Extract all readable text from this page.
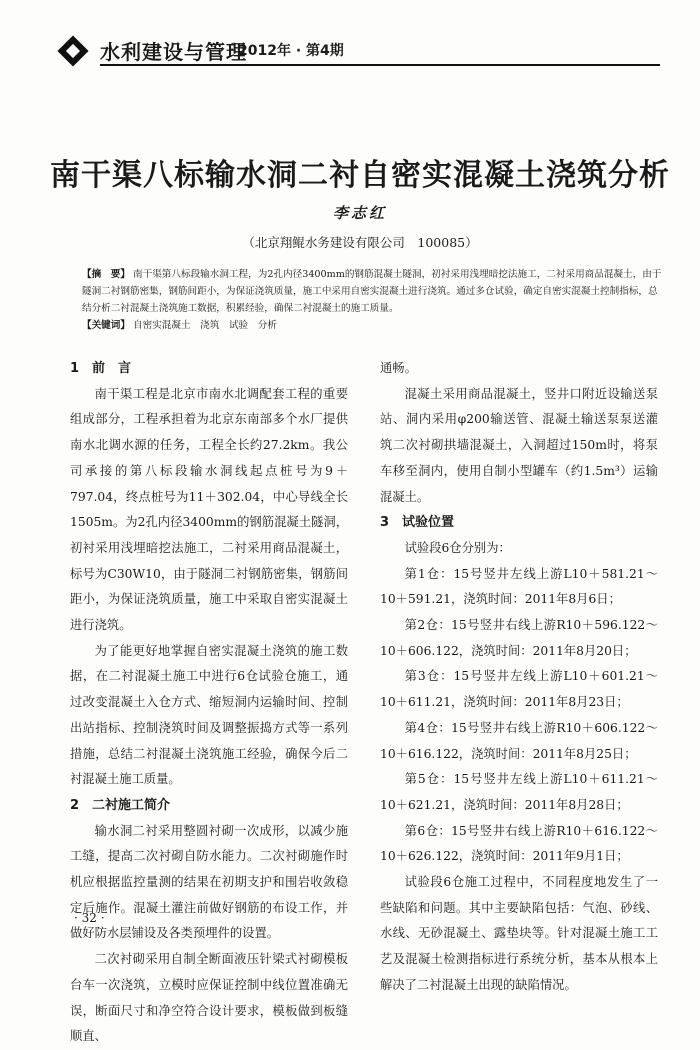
水利建设与管理
2012年 · 第4期
南干渠八标输水洞二衬自密实混凝土浇筑分析
李志红
（北京翔鲲水务建设有限公司　100085）
【摘　要】 南干渠第八标段输水洞工程，为2孔内径3400mm的钢筋混凝土隧洞，初衬采用浅埋暗挖法施工，二衬采用商品混凝土，由于隧洞二衬钢筋密集，钢筋间距小，为保证浇筑质量，施工中采用自密实混凝土进行浇筑。通过多仓试验，确定自密实混凝土控制指标，总结分析二衬混凝土浇筑施工数据，积累经验，确保二衬混凝土的施工质量。
【关键词】 自密实混凝土　浇筑　试验　分析
1　前　言

南干渠工程是北京市南水北调配套工程的重要组成部分，工程承担着为北京东南部多个水厂提供南水北调水源的任务，工程全长约27.2km。我公司承接的第八标段输水洞线起点桩号为9＋797.04，终点桩号为11＋302.04，中心导线全长1505m。为2孔内径3400mm的钢筋混凝土隧洞，初衬采用浅埋暗挖法施工，二衬采用商品混凝土，标号为C30W10，由于隧洞二衬钢筋密集，钢筋间距小，为保证浇筑质量，施工中采取自密实混凝土进行浇筑。

为了能更好地掌握自密实混凝土浇筑的施工数据，在二衬混凝土施工中进行6仓试验仓施工，通过改变混凝土入仓方式、缩短洞内运输时间、控制出站指标、控制浇筑时间及调整振捣方式等一系列措施，总结二衬混凝土浇筑施工经验，确保今后二衬混凝土施工质量。

2　二衬施工简介

输水洞二衬采用整圆衬砌一次成形，以减少施工缝，提高二次衬砌自防水能力。二次衬砌施作时机应根据监控量测的结果在初期支护和围岩收敛稳定后施作。混凝土灌注前做好钢筋的布设工作，并做好防水层铺设及各类预埋件的设置。

二次衬砌采用自制全断面液压针梁式衬砌模板台车一次浇筑，立模时应保证控制中线位置准确无误，断面尺寸和净空符合设计要求，模板做到板缝顺直、

通畅。

混凝土采用商品混凝土，竖井口附近设输送泵站、洞内采用φ200输送管、混凝土输送泵泵送灌筑二次衬砌拱墙混凝土，入洞超过150m时，将泵车移至洞内，使用自制小型罐车（约1.5m³）运输混凝土。

3　试验位置

试验段6仓分别为：

第1仓：15号竖井左线上游L10＋581.21～10＋591.21，浇筑时间：2011年8月6日；

第2仓：15号竖井右线上游R10＋596.122～10＋606.122，浇筑时间：2011年8月20日；

第3仓：15号竖井左线上游L10＋601.21～10＋611.21，浇筑时间：2011年8月23日；

第4仓：15号竖井右线上游R10＋606.122～10＋616.122，浇筑时间：2011年8月25日；

第5仓：15号竖井左线上游L10＋611.21～10＋621.21，浇筑时间：2011年8月28日；

第6仓：15号竖井右线上游R10＋616.122～10＋626.122，浇筑时间：2011年9月1日；

试验段6仓施工过程中，不同程度地发生了一些缺陷和问题。其中主要缺陷包括：气泡、砂线、水线、无砂混凝土、露垫块等。针对混凝土施工工艺及混凝土检测指标进行系统分析，基本从根本上解决了二衬混凝土出现的缺陷情况。

· 32 ·
